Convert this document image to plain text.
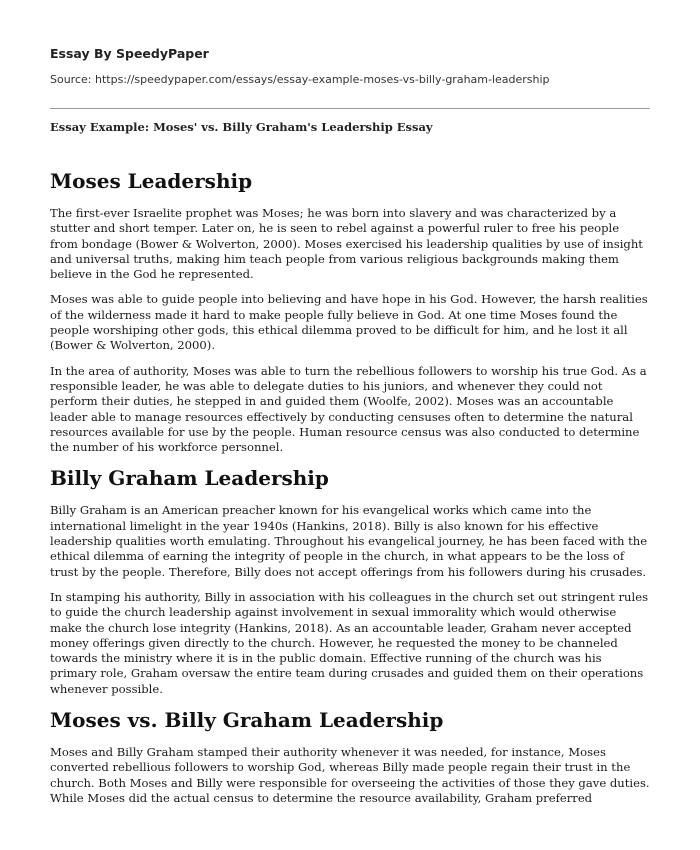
Essay By SpeedyPaper
Source: https://speedypaper.com/essays/essay-example-moses-vs-billy-graham-leadership
Essay Example: Moses' vs. Billy Graham's Leadership Essay
Moses Leadership

The first-ever Israelite prophet was Moses; he was born into slavery and was characterized by a stutter and short temper. Later on, he is seen to rebel against a powerful ruler to free his people from bondage (Bower & Wolverton, 2000). Moses exercised his leadership qualities by use of insight and universal truths, making him teach people from various religious backgrounds making them believe in the God he represented.

Moses was able to guide people into believing and have hope in his God. However, the harsh realities of the wilderness made it hard to make people fully believe in God. At one time Moses found the people worshiping other gods, this ethical dilemma proved to be difficult for him, and he lost it all (Bower & Wolverton, 2000).

In the area of authority, Moses was able to turn the rebellious followers to worship his true God. As a responsible leader, he was able to delegate duties to his juniors, and whenever they could not perform their duties, he stepped in and guided them (Woolfe, 2002). Moses was an accountable leader able to manage resources effectively by conducting censuses often to determine the natural resources available for use by the people. Human resource census was also conducted to determine the number of his workforce personnel.

Billy Graham Leadership

Billy Graham is an American preacher known for his evangelical works which came into the international limelight in the year 1940s (Hankins, 2018). Billy is also known for his effective leadership qualities worth emulating. Throughout his evangelical journey, he has been faced with the ethical dilemma of earning the integrity of people in the church, in what appears to be the loss of trust by the people. Therefore, Billy does not accept offerings from his followers during his crusades.

In stamping his authority, Billy in association with his colleagues in the church set out stringent rules to guide the church leadership against involvement in sexual immorality which would otherwise make the church lose integrity (Hankins, 2018). As an accountable leader, Graham never accepted money offerings given directly to the church. However, he requested the money to be channeled towards the ministry where it is in the public domain. Effective running of the church was his primary role, Graham oversaw the entire team during crusades and guided them on their operations whenever possible.

Moses vs. Billy Graham Leadership

Moses and Billy Graham stamped their authority whenever it was needed, for instance, Moses converted rebellious followers to worship God, whereas Billy made people regain their trust in the church. Both Moses and Billy were responsible for overseeing the activities of those they gave duties. While Moses did the actual census to determine the resource availability, Graham preferred
